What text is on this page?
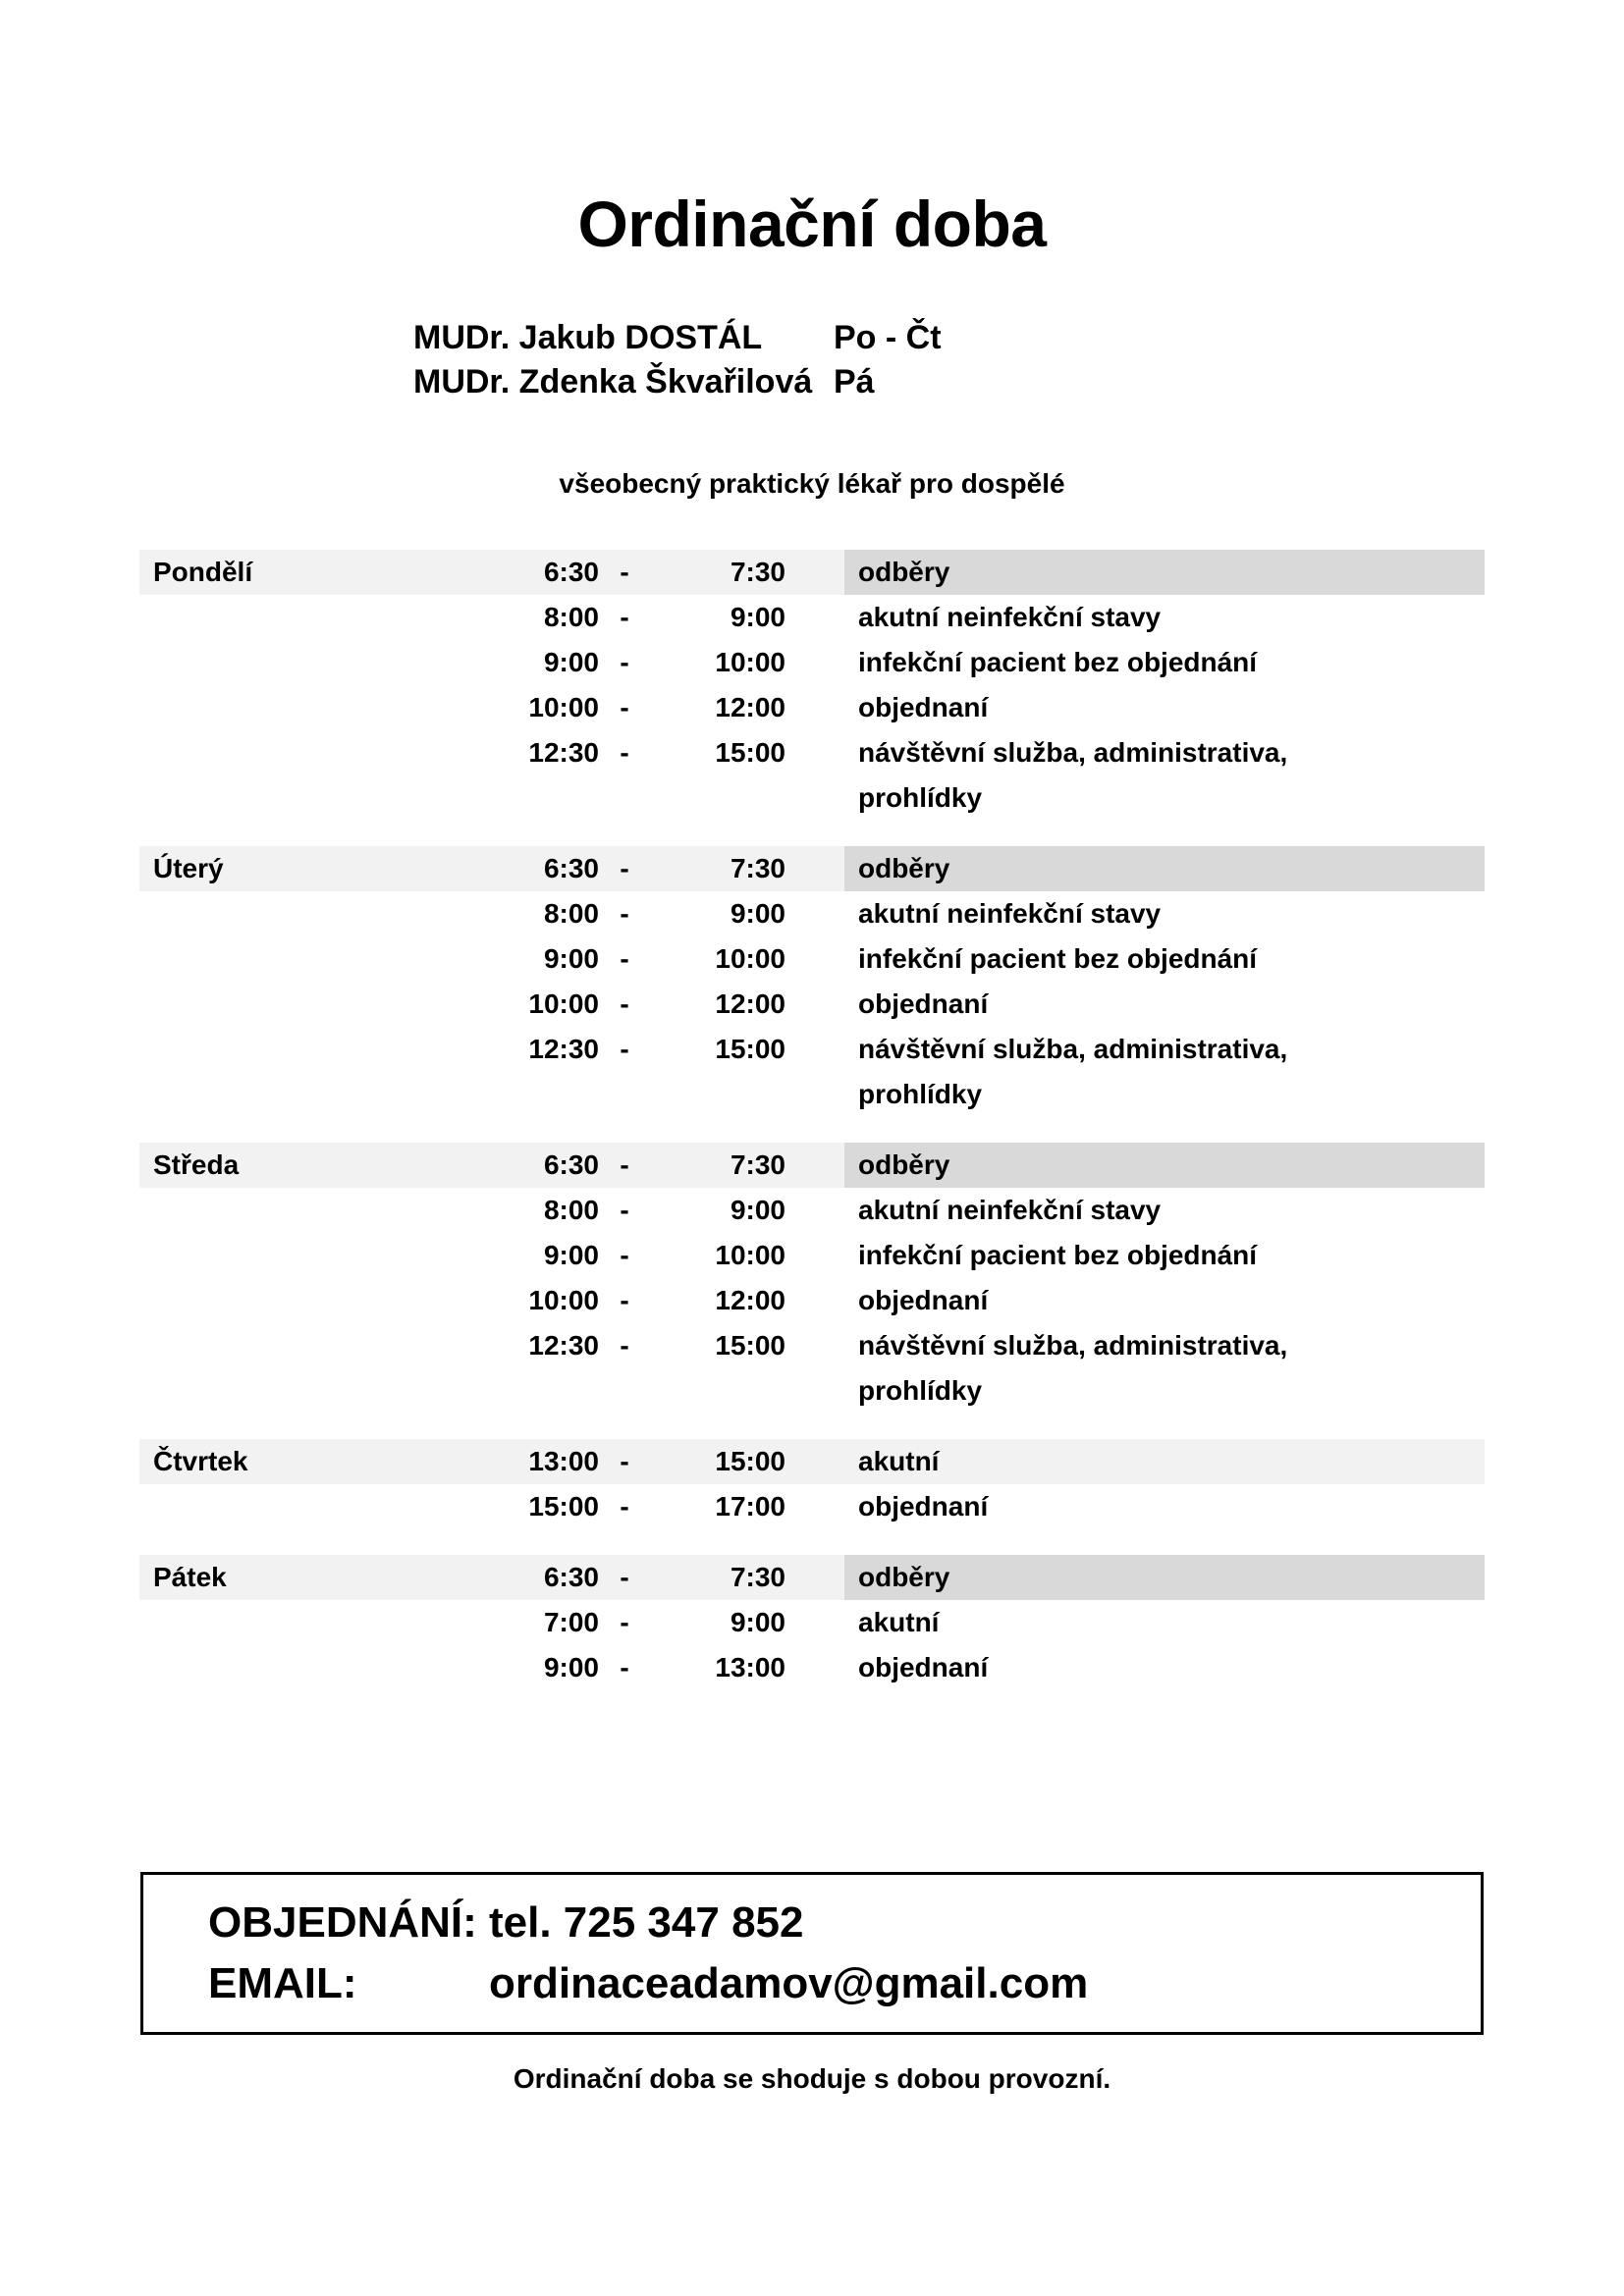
Ordinační doba
MUDr. Jakub DOSTÁL	Po - Čt
MUDr. Zdenka Škvařilová Pá
všeobecný praktický lékař pro dospělé
Pondělí	6:30 -	7:30	odběry
8:00 -	9:00	akutní neinfekční stavy
9:00 -	10:00	infekční pacient bez objednání
10:00 -	12:00	objednaní
12:30 -	15:00	návštěvní služba, administrativa,
prohlídky
Úterý	6:30 -	7:30	odběry
8:00 -	9:00	akutní neinfekční stavy
9:00 -	10:00	infekční pacient bez objednání
10:00 -	12:00	objednaní
12:30 -	15:00	návštěvní služba, administrativa,
prohlídky
Středa	6:30 -	7:30	odběry
8:00 -	9:00	akutní neinfekční stavy
9:00 -	10:00	infekční pacient bez objednání
10:00 -	12:00	objednaní
12:30 -	15:00	návštěvní služba, administrativa,
prohlídky
Čtvrtek	13:00 -	15:00	akutní
15:00 -	17:00	objednaní
Pátek	6:30 -	7:30	odběry
7:00 -	9:00	akutní
9:00 -	13:00	objednaní
OBJEDNÁNÍ: tel. 725 347 852
EMAIL:	ordinaceadamov@gmail.com
Ordinační doba se shoduje s dobou provozní.
